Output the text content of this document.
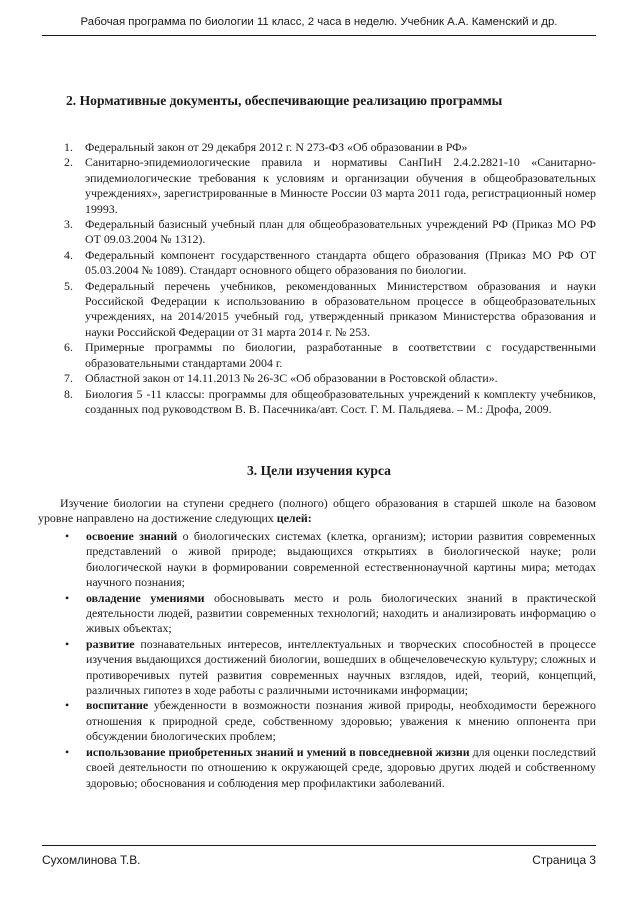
Рабочая программа по биологии 11 класс, 2 часа в неделю. Учебник А.А. Каменский и др.
2. Нормативные документы, обеспечивающие реализацию программы
1. Федеральный закон от 29 декабря 2012 г. N 273-ФЗ «Об образовании в РФ»
2. Санитарно-эпидемиологические правила и нормативы СанПиН 2.4.2.2821-10 «Санитарно-эпидемиологические требования к условиям и организации обучения в общеобразовательных учреждениях», зарегистрированные в Минюсте России 03 марта 2011 года, регистрационный номер 19993.
3. Федеральный базисный учебный план для общеобразовательных учреждений РФ (Приказ МО РФ ОТ 09.03.2004 № 1312).
4. Федеральный компонент государственного стандарта общего образования (Приказ МО РФ ОТ 05.03.2004 № 1089). Стандарт основного общего образования по биологии.
5. Федеральный перечень учебников, рекомендованных Министерством образования и науки Российской Федерации к использованию в образовательном процессе в общеобразовательных учреждениях, на 2014/2015 учебный год, утвержденный приказом Министерства образования и науки Российской Федерации от 31 марта 2014 г. № 253.
6. Примерные программы по биологии, разработанные в соответствии с государственными образовательными стандартами 2004 г.
7. Областной закон от 14.11.2013 № 26-ЗС «Об образовании в Ростовской области».
8. Биология 5 -11 классы: программы для общеобразовательных учреждений к комплекту учебников, созданных под руководством В. В. Пасечника/авт. Сост. Г. М. Пальдяева. – М.: Дрофа, 2009.
3. Цели изучения курса

Изучение биологии на ступени среднего (полного) общего образования в старшей школе на базовом уровне направлено на достижение следующих целей:

• освоение знаний о биологических системах (клетка, организм); истории развития современных представлений о живой природе; выдающихся открытиях в биологической науке; роли биологической науки в формировании современной естественнонаучной картины мира; методах научного познания;
• овладение умениями обосновывать место и роль биологических знаний в практической деятельности людей, развитии современных технологий; находить и анализировать информацию о живых объектах;
• развитие познавательных интересов, интеллектуальных и творческих способностей в процессе изучения выдающихся достижений биологии, вошедших в общечеловеческую культуру; сложных и противоречивых путей развития современных научных взглядов, идей, теорий, концепций, различных гипотез в ходе работы с различными источниками информации;
• воспитание убежденности в возможности познания живой природы, необходимости бережного отношения к природной среде, собственному здоровью; уважения к мнению оппонента при обсуждении биологических проблем;
• использование приобретенных знаний и умений в повседневной жизни для оценки последствий своей деятельности по отношению к окружающей среде, здоровью других людей и собственному здоровью; обоснования и соблюдения мер профилактики заболеваний.
Сухомлинова Т.В.	Страница 3
